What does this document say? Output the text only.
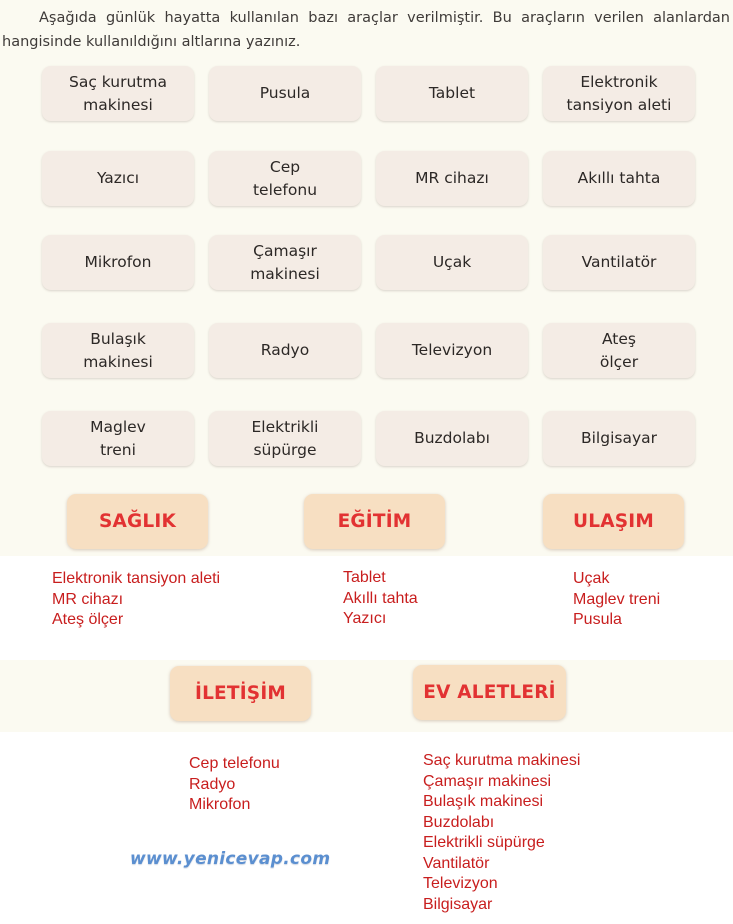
Aşağıda günlük hayatta kullanılan bazı araçlar verilmiştir. Bu araçların verilen alanlardan hangisinde kullanıldığını altlarına yazınız.

Saç kurutma
makinesi
Pusula	Tablet
Elektronik
tansiyon aleti
Yazıcı
Cep
telefonu
MR cihazı	Akıllı tahta
Mikrofon
Çamaşır
makinesi
Uçak	Vantilatör
Bulaşık
makinesi
Radyo	Televizyon
Ateş
ölçer
Maglev
treni
Elektrikli
süpürge
Buzdolabı	Bilgisayar
SAĞLIK	EĞİTİM	ULAŞIM
İLETİŞİM	EV ALETLERİ
Elektronik tansiyon aleti
MR cihazı
Ateş ölçer
Tablet
Akıllı tahta
Yazıcı
Uçak
Maglev treni
Pusula
Cep telefonu
Radyo
Mikrofon
Saç kurutma makinesi
Çamaşır makinesi
Bulaşık makinesi
Buzdolabı
Elektrikli süpürge
Vantilatör
Televizyon
Bilgisayar
www.yenicevap.com
